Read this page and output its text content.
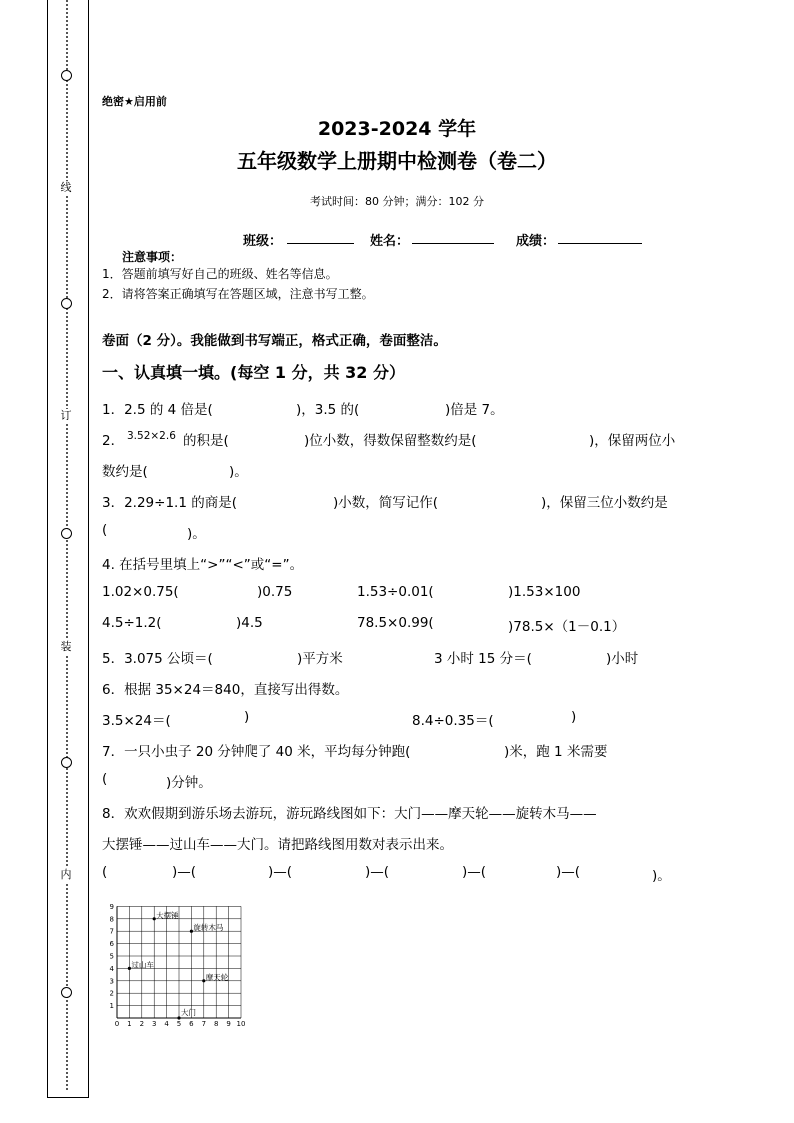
线
订
装
内
绝密★启用前
2023-2024 学年
五年级数学上册期中检测卷（卷二）
考试时间：80 分钟；满分：102 分
班级：	姓名：	成绩：
注意事项：
1．答题前填写好自己的班级、姓名等信息。
2．请将答案正确填写在答题区域，注意书写工整。
卷面（2 分）。我能做到书写端正，格式正确，卷面整洁。
一、认真填一填。(每空 1 分，共 32 分）
1．2.5 的 4 倍是(	)，3.5 的(	)倍是 7。
2． 3.52×2.6 的积是(	)位小数，得数保留整数约是(	)，保留两位小
数约是(	)。
3．2.29÷1.1 的商是(	)小数，简写记作(	)，保留三位小数约是
(	)。
4. 在括号里填上“>”“<”或“=”。
1.02×0.75(	)0.75	1.53÷0.01(	)1.53×100
4.5÷1.2(	)4.5	78.5×0.99(	)78.5×（1－0.1）
5．3.075 公顷＝(	)平方米	3 小时 15 分＝(	)小时
6．根据 35×24＝840，直接写出得数。
3.5×24＝(	)	8.4÷0.35＝(	)
7．一只小虫子 20 分钟爬了 40 米，平均每分钟跑(	)米，跑 1 米需要
(	)分钟。
8．欢欢假期到游乐场去游玩，游玩路线图如下：大门——摩天轮——旋转木马——
大摆锤——过山车——大门。请把路线图用数对表示出来。
(	)—(	)—(	)—(	)—(	)—(	)。
0 1 2 3 4 5 6 7 8 9 10
1
2
3
4
5
6
7
8
9
大摆锤
旋转木马
过山车
摩天轮
大门
